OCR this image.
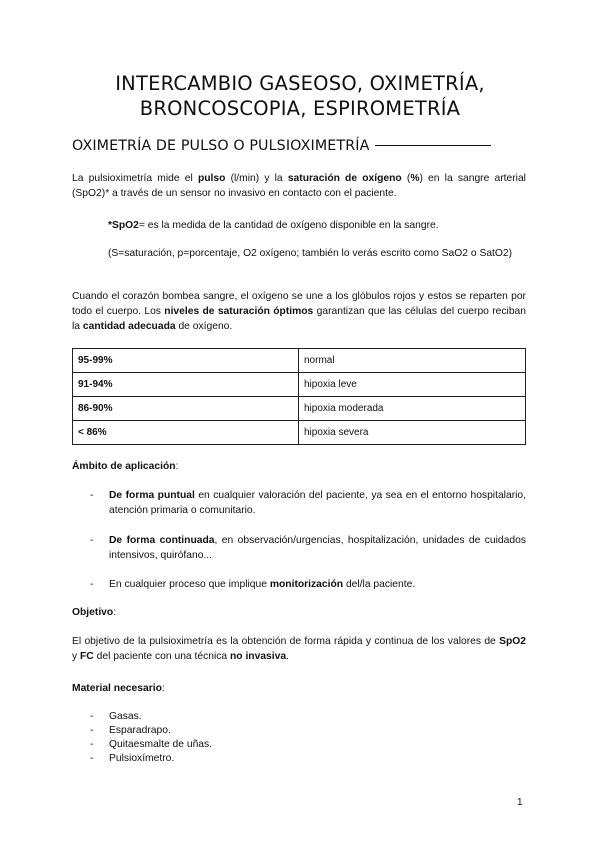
INTERCAMBIO GASEOSO, OXIMETRÍA,
BRONCOSCOPIA, ESPIROMETRÍA
OXIMETRÍA DE PULSO O PULSIOXIMETRÍA
La pulsioximetría mide el pulso (l/min) y la saturación de oxígeno (%) en la sangre arterial (SpO2)* a través de un sensor no invasivo en contacto con el paciente.
*SpO2= es la medida de la cantidad de oxígeno disponible en la sangre.
(S=saturación, p=porcentaje, O2 oxígeno; también lo verás escrito como SaO2 o SatO2)
Cuando el corazón bombea sangre, el oxígeno se une a los glóbulos rojos y estos se reparten por todo el cuerpo. Los niveles de saturación óptimos garantizan que las células del cuerpo reciban la cantidad adecuada de oxígeno.
95-99%	normal
91-94%	hipoxia leve
86-90%	hipoxia moderada
< 86%	hipoxia severa
Ámbito de aplicación:
- De forma puntual en cualquier valoración del paciente, ya sea en el entorno hospitalario, atención primaria o comunitario.
- De forma continuada, en observación/urgencias, hospitalización, unidades de cuidados intensivos, quirófano...
- En cualquier proceso que implique monitorización del/la paciente.
Objetivo:
El objetivo de la pulsioximetría es la obtención de forma rápida y continua de los valores de SpO2 y FC del paciente con una técnica no invasiva.
Material necesario:
- Gasas.
- Esparadrapo.
- Quitaesmalte de uñas.
- Pulsioxímetro.
1
